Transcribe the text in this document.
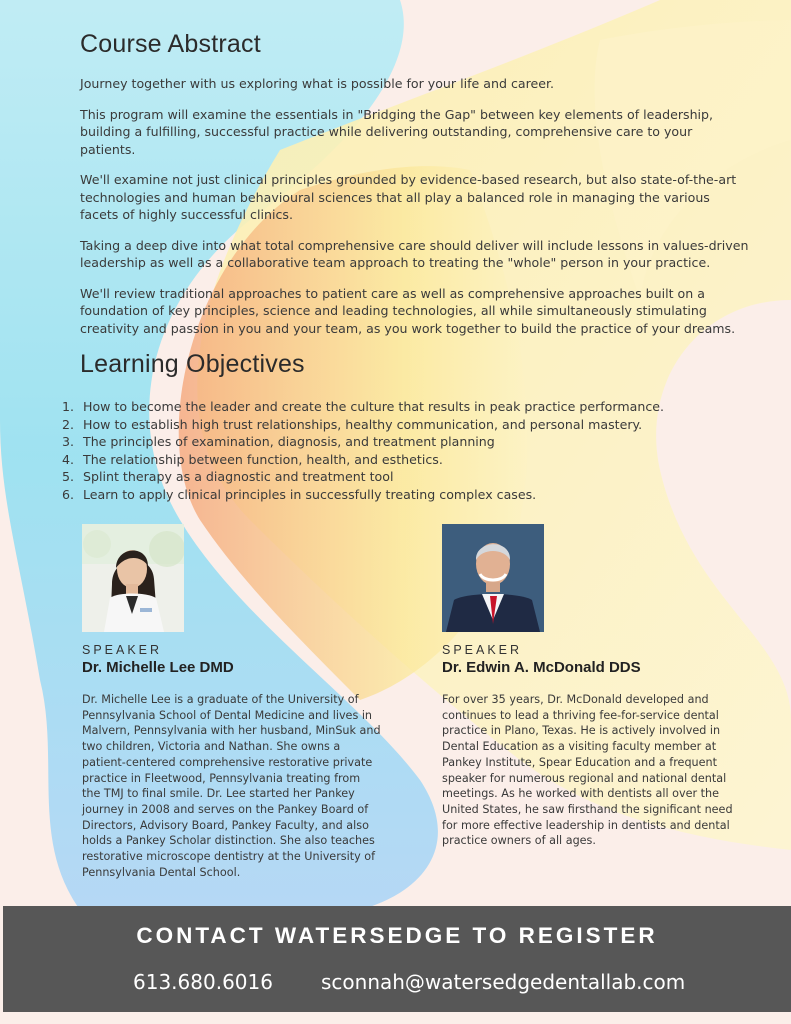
Course Abstract

Journey together with us exploring what is possible for your life and career.

This program will examine the essentials in "Bridging the Gap" between key elements of leadership, building a fulfilling, successful practice while delivering outstanding, comprehensive care to your patients.

We'll examine not just clinical principles grounded by evidence-based research, but also state-of-the-art technologies and human behavioural sciences that all play a balanced role in managing the various facets of highly successful clinics.

Taking a deep dive into what total comprehensive care should deliver will include lessons in values-driven leadership as well as a collaborative team approach to treating the "whole" person in your practice.

We'll review traditional approaches to patient care as well as comprehensive approaches built on a foundation of key principles, science and leading technologies, all while simultaneously stimulating creativity and passion in you and your team, as you work together to build the practice of your dreams.

Learning Objectives
1. How to become the leader and create the culture that results in peak practice performance.
2. How to establish high trust relationships, healthy communication, and personal mastery.
3. The principles of examination, diagnosis, and treatment planning
4. The relationship between function, health, and esthetics.
5. Splint therapy as a diagnostic and treatment tool
6. Learn to apply clinical principles in successfully treating complex cases.

SPEAKER

Dr. Michelle Lee DMD

Dr. Michelle Lee is a graduate of the University of Pennsylvania School of Dental Medicine and lives in Malvern, Pennsylvania with her husband, MinSuk and two children, Victoria and Nathan. She owns a patient-centered comprehensive restorative private practice in Fleetwood, Pennsylvania treating from the TMJ to final smile. Dr. Lee started her Pankey journey in 2008 and serves on the Pankey Board of Directors, Advisory Board, Pankey Faculty, and also holds a Pankey Scholar distinction. She also teaches restorative microscope dentistry at the University of Pennsylvania Dental School.

SPEAKER

Dr. Edwin A. McDonald DDS

For over 35 years, Dr. McDonald developed and continues to lead a thriving fee-for-service dental practice in Plano, Texas. He is actively involved in Dental Education as a visiting faculty member at Pankey Institute, Spear Education and a frequent speaker for numerous regional and national dental meetings. As he worked with dentists all over the United States, he saw firsthand the significant need for more effective leadership in dentists and dental practice owners of all ages.

CONTACT WATERSEDGE TO REGISTER
613.680.6016 sconnah@watersedgedentallab.com
